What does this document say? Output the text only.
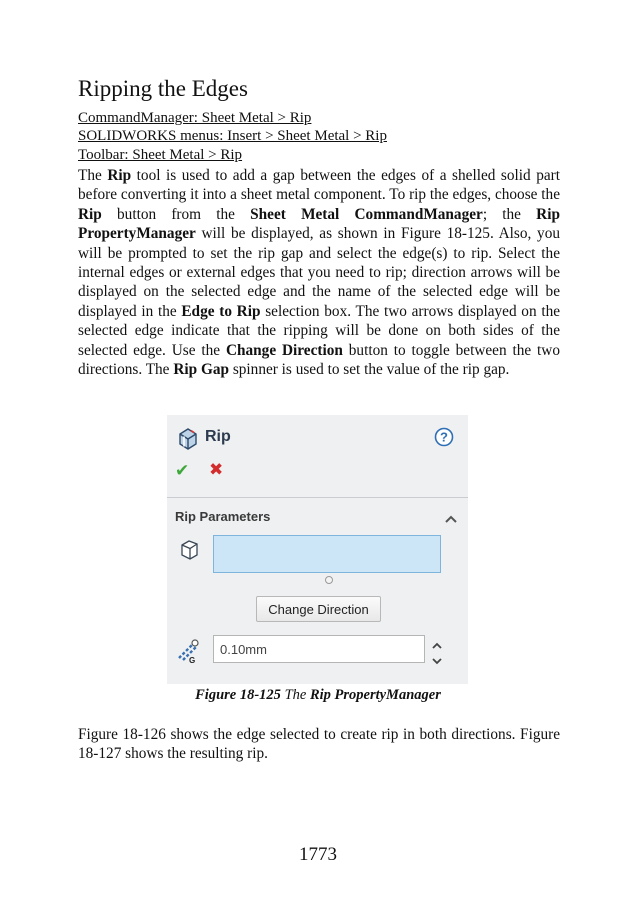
Ripping the Edges
CommandManager: Sheet Metal > Rip
SOLIDWORKS menus: Insert > Sheet Metal > Rip
Toolbar: Sheet Metal > Rip

The Rip tool is used to add a gap between the edges of a shelled solid part before converting it into a sheet metal component. To rip the edges, choose the Rip button from the Sheet Metal CommandManager; the Rip PropertyManager will be displayed, as shown in Figure 18-125. Also, you will be prompted to set the rip gap and select the edge(s) to rip. Select the internal edges or external edges that you need to rip; direction arrows will be displayed on the selected edge and the name of the selected edge will be displayed in the Edge to Rip selection box. The two arrows displayed on the selected edge indicate that the ripping will be done on both sides of the selected edge. Use the Change Direction button to toggle between the two directions. The Rip Gap spinner is used to set the value of the rip gap.

Rip	?
✔ ✖
Rip Parameters
Change Direction
G
0.10mm

Figure 18-125 The Rip PropertyManager

Figure 18-126 shows the edge selected to create rip in both directions. Figure 18-127 shows the resulting rip.

1773
